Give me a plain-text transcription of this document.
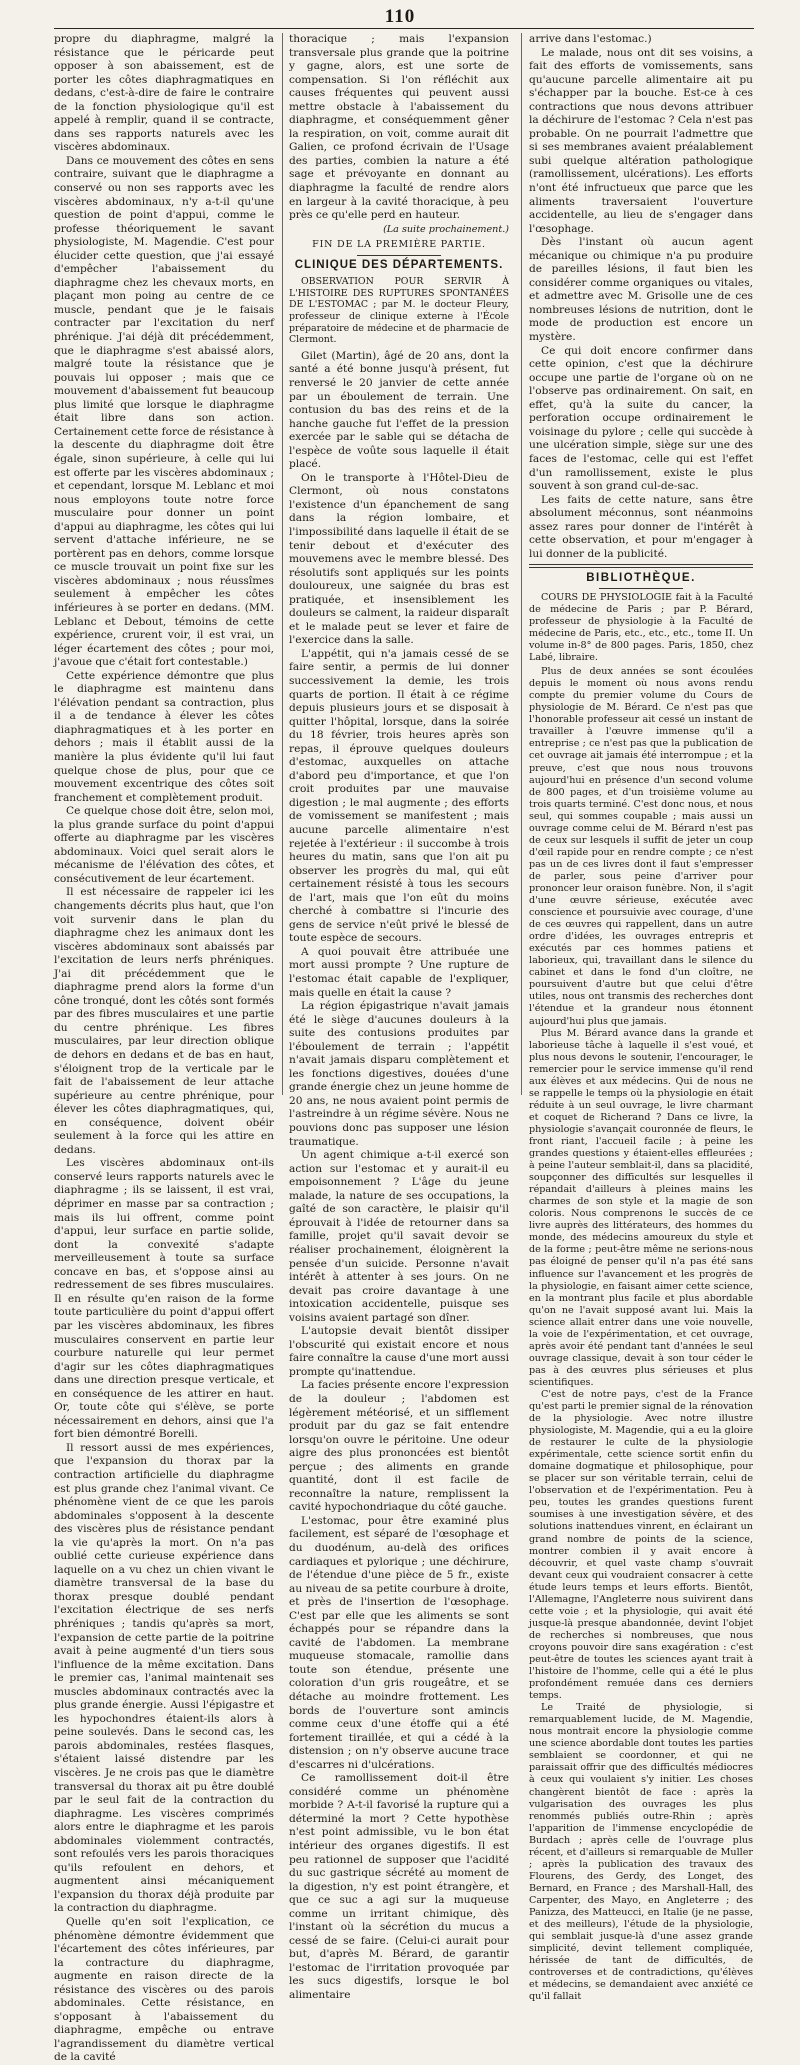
110

propre du diaphragme, malgré la résistance que le péricarde peut opposer à son abaissement, est de porter les côtes diaphragmatiques en dedans, c'est-à-dire de faire le contraire de la fonction physiologique qu'il est appelé à remplir, quand il se contracte, dans ses rapports naturels avec les viscères abdominaux.

Dans ce mouvement des côtes en sens contraire, suivant que le diaphragme a conservé ou non ses rapports avec les viscères abdominaux, n'y a-t-il qu'une question de point d'appui, comme le professe théoriquement le savant physiologiste, M. Magendie. C'est pour élucider cette question, que j'ai essayé d'empêcher l'abaissement du diaphragme chez les chevaux morts, en plaçant mon poing au centre de ce muscle, pendant que je le faisais contracter par l'excitation du nerf phrénique. J'ai déjà dit précédemment, que le diaphragme s'est abaissé alors, malgré toute la résistance que je pouvais lui opposer ; mais que ce mouvement d'abaissement fut beaucoup plus limité que lorsque le diaphragme était libre dans son action. Certainement cette force de résistance à la descente du diaphragme doit être égale, sinon supérieure, à celle qui lui est offerte par les viscères abdominaux ; et cependant, lorsque M. Leblanc et moi nous employons toute notre force musculaire pour donner un point d'appui au diaphragme, les côtes qui lui servent d'attache inférieure, ne se portèrent pas en dehors, comme lorsque ce muscle trouvait un point fixe sur les viscères abdominaux ; nous réussîmes seulement à empêcher les côtes inférieures à se porter en dedans. (MM. Leblanc et Debout, témoins de cette expérience, crurent voir, il est vrai, un léger écartement des côtes ; pour moi, j'avoue que c'était fort contestable.)

Cette expérience démontre que plus le diaphragme est maintenu dans l'élévation pendant sa contraction, plus il a de tendance à élever les côtes diaphragmatiques et à les porter en dehors ; mais il établit aussi de la manière la plus évidente qu'il lui faut quelque chose de plus, pour que ce mouvement excentrique des côtes soit franchement et complètement produit.

Ce quelque chose doit être, selon moi, la plus grande surface du point d'appui offerte au diaphragme par les viscères abdominaux. Voici quel serait alors le mécanisme de l'élévation des côtes, et consécutivement de leur écartement.

Il est nécessaire de rappeler ici les changements décrits plus haut, que l'on voit survenir dans le plan du diaphragme chez les animaux dont les viscères abdominaux sont abaissés par l'excitation de leurs nerfs phréniques. J'ai dit précédemment que le diaphragme prend alors la forme d'un cône tronqué, dont les côtés sont formés par des fibres musculaires et une partie du centre phrénique. Les fibres musculaires, par leur direction oblique de dehors en dedans et de bas en haut, s'éloignent trop de la verticale par le fait de l'abaissement de leur attache supérieure au centre phrénique, pour élever les côtes diaphragmatiques, qui, en conséquence, doivent obéir seulement à la force qui les attire en dedans.

Les viscères abdominaux ont-ils conservé leurs rapports naturels avec le diaphragme ; ils se laissent, il est vrai, déprimer en masse par sa contraction ; mais ils lui offrent, comme point d'appui, leur surface en partie solide, dont la convexité s'adapte merveilleusement à toute sa surface concave en bas, et s'oppose ainsi au redressement de ses fibres musculaires. Il en résulte qu'en raison de la forme toute particulière du point d'appui offert par les viscères abdominaux, les fibres musculaires conservent en partie leur courbure naturelle qui leur permet d'agir sur les côtes diaphragmatiques dans une direction presque verticale, et en conséquence de les attirer en haut. Or, toute côte qui s'élève, se porte nécessairement en dehors, ainsi que l'a fort bien démontré Borelli.

Il ressort aussi de mes expériences, que l'expansion du thorax par la contraction artificielle du diaphragme est plus grande chez l'animal vivant. Ce phénomène vient de ce que les parois abdominales s'opposent à la descente des viscères plus de résistance pendant la vie qu'après la mort. On n'a pas oublié cette curieuse expérience dans laquelle on a vu chez un chien vivant le diamètre transversal de la base du thorax presque doublé pendant l'excitation électrique de ses nerfs phréniques ; tandis qu'après sa mort, l'expansion de cette partie de la poitrine avait à peine augmenté d'un tiers sous l'influence de la même excitation. Dans le premier cas, l'animal maintenait ses muscles abdominaux contractés avec la plus grande énergie. Aussi l'épigastre et les hypochondres étaient-ils alors à peine soulevés. Dans le second cas, les parois abdominales, restées flasques, s'étaient laissé distendre par les viscères. Je ne crois pas que le diamètre transversal du thorax ait pu être doublé par le seul fait de la contraction du diaphragme. Les viscères comprimés alors entre le diaphragme et les parois abdominales violemment contractés, sont refoulés vers les parois thoraciques qu'ils refoulent en dehors, et augmentent ainsi mécaniquement l'expansion du thorax déjà produite par la contraction du diaphragme.

Quelle qu'en soit l'explication, ce phénomène démontre évidemment que l'écartement des côtes inférieures, par la contracture du diaphragme, augmente en raison directe de la résistance des viscères ou des parois abdominales. Cette résistance, en s'opposant à l'abaissement du diaphragme, empêche ou entrave l'agrandissement du diamètre vertical de la cavité

thoracique ; mais l'expansion transversale plus grande que la poitrine y gagne, alors, est une sorte de compensation. Si l'on réfléchit aux causes fréquentes qui peuvent aussi mettre obstacle à l'abaissement du diaphragme, et conséquemment gêner la respiration, on voit, comme aurait dit Galien, ce profond écrivain de l'Usage des parties, combien la nature a été sage et prévoyante en donnant au diaphragme la faculté de rendre alors en largeur à la cavité thoracique, à peu près ce qu'elle perd en hauteur.

(La suite prochainement.)
FIN DE LA PREMIÈRE PARTIE.
CLINIQUE DES DÉPARTEMENTS.
OBSERVATION POUR SERVIR À L'HISTOIRE DES RUPTURES SPONTANÉES DE L'ESTOMAC ; par M. le docteur Fleury, professeur de clinique externe à l'École préparatoire de médecine et de pharmacie de Clermont.

Gilet (Martin), âgé de 20 ans, dont la santé a été bonne jusqu'à présent, fut renversé le 20 janvier de cette année par un éboulement de terrain. Une contusion du bas des reins et de la hanche gauche fut l'effet de la pression exercée par le sable qui se détacha de l'espèce de voûte sous laquelle il était placé.

On le transporte à l'Hôtel-Dieu de Clermont, où nous constatons l'existence d'un épanchement de sang dans la région lombaire, et l'impossibilité dans laquelle il était de se tenir debout et d'exécuter des mouvemens avec le membre blessé. Des résolutifs sont appliqués sur les points douloureux, une saignée du bras est pratiquée, et insensiblement les douleurs se calment, la raideur disparaît et le malade peut se lever et faire de l'exercice dans la salle.

L'appétit, qui n'a jamais cessé de se faire sentir, a permis de lui donner successivement la demie, les trois quarts de portion. Il était à ce régime depuis plusieurs jours et se disposait à quitter l'hôpital, lorsque, dans la soirée du 18 février, trois heures après son repas, il éprouve quelques douleurs d'estomac, auxquelles on attache d'abord peu d'importance, et que l'on croit produites par une mauvaise digestion ; le mal augmente ; des efforts de vomissement se manifestent ; mais aucune parcelle alimentaire n'est rejetée à l'extérieur : il succombe à trois heures du matin, sans que l'on ait pu observer les progrès du mal, qui eût certainement résisté à tous les secours de l'art, mais que l'on eût du moins cherché à combattre si l'incurie des gens de service n'eût privé le blessé de toute espèce de secours.

A quoi pouvait être attribuée une mort aussi prompte ? Une rupture de l'estomac était capable de l'expliquer, mais quelle en était la cause ?

La région épigastrique n'avait jamais été le siège d'aucunes douleurs à la suite des contusions produites par l'éboulement de terrain ; l'appétit n'avait jamais disparu complètement et les fonctions digestives, douées d'une grande énergie chez un jeune homme de 20 ans, ne nous avaient point permis de l'astreindre à un régime sévère. Nous ne pouvions donc pas supposer une lésion traumatique.

Un agent chimique a-t-il exercé son action sur l'estomac et y aurait-il eu empoisonnement ? L'âge du jeune malade, la nature de ses occupations, la gaîté de son caractère, le plaisir qu'il éprouvait à l'idée de retourner dans sa famille, projet qu'il savait devoir se réaliser prochainement, éloignèrent la pensée d'un suicide. Personne n'avait intérêt à attenter à ses jours. On ne devait pas croire davantage à une intoxication accidentelle, puisque ses voisins avaient partagé son dîner.

L'autopsie devait bientôt dissiper l'obscurité qui existait encore et nous faire connaître la cause d'une mort aussi prompte qu'inattendue.

La facies présente encore l'expression de la douleur ; l'abdomen est légèrement météorisé, et un sifflement produit par du gaz se fait entendre lorsqu'on ouvre le péritoine. Une odeur aigre des plus prononcées est bientôt perçue ; des aliments en grande quantité, dont il est facile de reconnaître la nature, remplissent la cavité hypochondriaque du côté gauche.

L'estomac, pour être examiné plus facilement, est séparé de l'œsophage et du duodénum, au-delà des orifices cardiaques et pylorique ; une déchirure, de l'étendue d'une pièce de 5 fr., existe au niveau de sa petite courbure à droite, et près de l'insertion de l'œsophage. C'est par elle que les aliments se sont échappés pour se répandre dans la cavité de l'abdomen. La membrane muqueuse stomacale, ramollie dans toute son étendue, présente une coloration d'un gris rougeâtre, et se détache au moindre frottement. Les bords de l'ouverture sont amincis comme ceux d'une étoffe qui a été fortement tiraillée, et qui a cédé à la distension ; on n'y observe aucune trace d'escarres ni d'ulcérations.

Ce ramollissement doit-il être considéré comme un phénomène morbide ? A-t-il favorisé la rupture qui a déterminé la mort ? Cette hypothèse n'est point admissible, vu le bon état intérieur des organes digestifs. Il est peu rationnel de supposer que l'acidité du suc gastrique sécrété au moment de la digestion, n'y est point étrangère, et que ce suc a agi sur la muqueuse comme un irritant chimique, dès l'instant où la sécrétion du mucus a cessé de se faire. (Celui-ci aurait pour but, d'après M. Bérard, de garantir l'estomac de l'irritation provoquée par les sucs digestifs, lorsque le bol alimentaire

arrive dans l'estomac.)

Le malade, nous ont dit ses voisins, a fait des efforts de vomissements, sans qu'aucune parcelle alimentaire ait pu s'échapper par la bouche. Est-ce à ces contractions que nous devons attribuer la déchirure de l'estomac ? Cela n'est pas probable. On ne pourrait l'admettre que si ses membranes avaient préalablement subi quelque altération pathologique (ramollissement, ulcérations). Les efforts n'ont été infructueux que parce que les aliments traversaient l'ouverture accidentelle, au lieu de s'engager dans l'œsophage.

Dès l'instant où aucun agent mécanique ou chimique n'a pu produire de pareilles lésions, il faut bien les considérer comme organiques ou vitales, et admettre avec M. Grisolle une de ces nombreuses lésions de nutrition, dont le mode de production est encore un mystère.

Ce qui doit encore confirmer dans cette opinion, c'est que la déchirure occupe une partie de l'organe où on ne l'observe pas ordinairement. On sait, en effet, qu'à la suite du cancer, la perforation occupe ordinairement le voisinage du pylore ; celle qui succède à une ulcération simple, siège sur une des faces de l'estomac, celle qui est l'effet d'un ramollissement, existe le plus souvent à son grand cul-de-sac.

Les faits de cette nature, sans être absolument méconnus, sont néanmoins assez rares pour donner de l'intérêt à cette observation, et pour m'engager à lui donner de la publicité.

BIBLIOTHÈQUE.
COURS DE PHYSIOLOGIE fait à la Faculté de médecine de Paris ; par P. Bérard, professeur de physiologie à la Faculté de médecine de Paris, etc., etc., etc., tome II. Un volume in-8° de 800 pages. Paris, 1850, chez Labé, libraire.

Plus de deux années se sont écoulées depuis le moment où nous avons rendu compte du premier volume du Cours de physiologie de M. Bérard. Ce n'est pas que l'honorable professeur ait cessé un instant de travailler à l'œuvre immense qu'il a entreprise ; ce n'est pas que la publication de cet ouvrage ait jamais été interrompue ; et la preuve, c'est que nous nous trouvons aujourd'hui en présence d'un second volume de 800 pages, et d'un troisième volume au trois quarts terminé. C'est donc nous, et nous seul, qui sommes coupable ; mais aussi un ouvrage comme celui de M. Bérard n'est pas de ceux sur lesquels il suffit de jeter un coup d'œil rapide pour en rendre compte ; ce n'est pas un de ces livres dont il faut s'empresser de parler, sous peine d'arriver pour prononcer leur oraison funèbre. Non, il s'agit d'une œuvre sérieuse, exécutée avec conscience et poursuivie avec courage, d'une de ces œuvres qui rappellent, dans un autre ordre d'idées, les ouvrages entrepris et exécutés par ces hommes patiens et laborieux, qui, travaillant dans le silence du cabinet et dans le fond d'un cloître, ne poursuivent d'autre but que celui d'être utiles, nous ont transmis des recherches dont l'étendue et la grandeur nous étonnent aujourd'hui plus que jamais.

Plus M. Bérard avance dans la grande et laborieuse tâche à laquelle il s'est voué, et plus nous devons le soutenir, l'encourager, le remercier pour le service immense qu'il rend aux élèves et aux médecins. Qui de nous ne se rappelle le temps où la physiologie en était réduite à un seul ouvrage, le livre charmant et coquet de Richerand ? Dans ce livre, la physiologie s'avançait couronnée de fleurs, le front riant, l'accueil facile ; à peine les grandes questions y étaient-elles effleurées ; à peine l'auteur semblait-il, dans sa placidité, soupçonner des difficultés sur lesquelles il répandait d'ailleurs à pleines mains les charmes de son style et la magie de son coloris. Nous comprenons le succès de ce livre auprès des littérateurs, des hommes du monde, des médecins amoureux du style et de la forme ; peut-être même ne serions-nous pas éloigné de penser qu'il n'a pas été sans influence sur l'avancement et les progrès de la physiologie, en faisant aimer cette science, en la montrant plus facile et plus abordable qu'on ne l'avait supposé avant lui. Mais la science allait entrer dans une voie nouvelle, la voie de l'expérimentation, et cet ouvrage, après avoir été pendant tant d'années le seul ouvrage classique, devait à son tour céder le pas à des œuvres plus sérieuses et plus scientifiques.

C'est de notre pays, c'est de la France qu'est parti le premier signal de la rénovation de la physiologie. Avec notre illustre physiologiste, M. Magendie, qui a eu la gloire de restaurer le culte de la physiologie expérimentale, cette science sortit enfin du domaine dogmatique et philosophique, pour se placer sur son véritable terrain, celui de l'observation et de l'expérimentation. Peu à peu, toutes les grandes questions furent soumises à une investigation sévère, et des solutions inattendues vinrent, en éclairant un grand nombre de points de la science, montrer combien il y avait encore à découvrir, et quel vaste champ s'ouvrait devant ceux qui voudraient consacrer à cette étude leurs temps et leurs efforts. Bientôt, l'Allemagne, l'Angleterre nous suivirent dans cette voie ; et la physiologie, qui avait été jusque-là presque abandonnée, devint l'objet de recherches si nombreuses, que nous croyons pouvoir dire sans exagération : c'est peut-être de toutes les sciences ayant trait à l'histoire de l'homme, celle qui a été le plus profondément remuée dans ces derniers temps.

Le Traité de physiologie, si remarquablement lucide, de M. Magendie, nous montrait encore la physiologie comme une science abordable dont toutes les parties semblaient se coordonner, et qui ne paraissait offrir que des difficultés médiocres à ceux qui voulaient s'y initier. Les choses changèrent bientôt de face : après la vulgarisation des ouvrages les plus renommés publiés outre-Rhin ; après l'apparition de l'immense encyclopédie de Burdach ; après celle de l'ouvrage plus récent, et d'ailleurs si remarquable de Muller ; après la publication des travaux des Flourens, des Gerdy, des Longet, des Bernard, en France ; des Marshall-Hall, des Carpenter, des Mayo, en Angleterre ; des Panizza, des Matteucci, en Italie (je ne passe, et des meilleurs), l'étude de la physiologie, qui semblait jusque-là d'une assez grande simplicité, devint tellement compliquée, hérissée de tant de difficultés, de controverses et de contradictions, qu'élèves et médecins, se demandaient avec anxiété ce qu'il fallait
